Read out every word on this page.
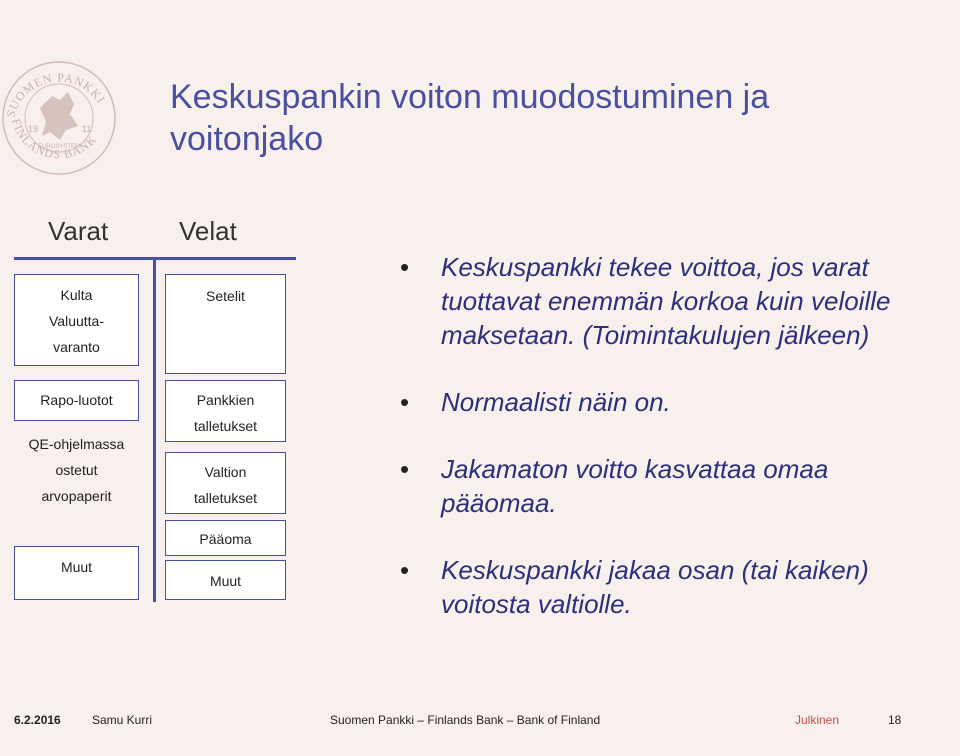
SUOMEN PANKKI
FINLANDS BANK
19	11
EUROSYSTEM
Keskuspankin voiton muodostuminen ja voitonjako
Varat	Velat
Kulta
Valuutta-
varanto
Rapo-luotot
QE-ohjelmassa
ostetut
arvopaperit
Muut
Setelit
Pankkien
talletukset
Valtion
talletukset
Pääoma
Muut
• Keskuspankki tekee voittoa, jos varat tuottavat enemmän korkoa kuin veloille maksetaan. (Toimintakulujen jälkeen)
• Normaalisti näin on.
• Jakamaton voitto kasvattaa omaa pääomaa.
• Keskuspankki jakaa osan (tai kaiken) voitosta valtiolle.
6.2.2016	Samu Kurri	Suomen Pankki – Finlands Bank – Bank of Finland	Julkinen	18
